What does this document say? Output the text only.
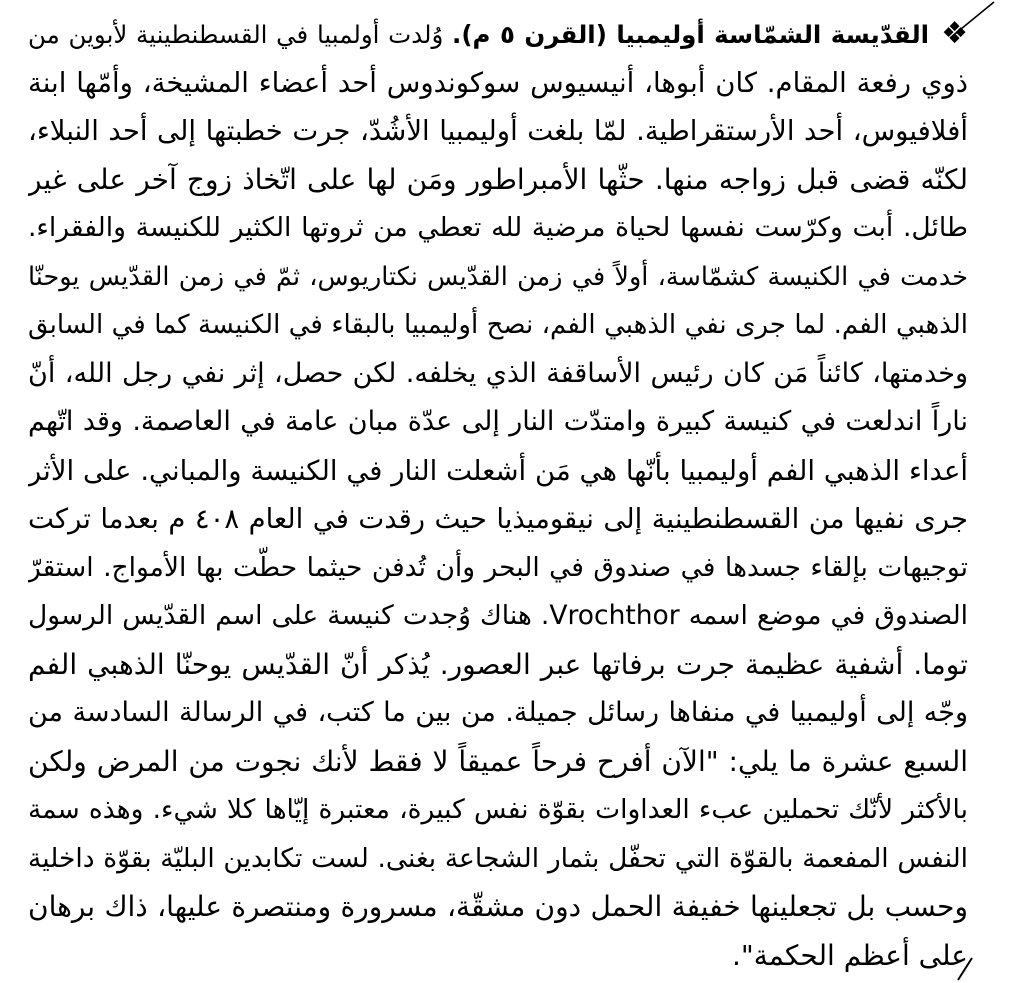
❖القدّيسة الشمّاسة أوليمبيا (القرن ٥ م). وُلدت أولمبيا في القسطنطينية لأبوين من
ذوي رفعة المقام. كان أبوها، أنيسيوس سوكوندوس أحد أعضاء المشيخة، وأمّها ابنة
أفلافيوس، أحد الأرستقراطية. لمّا بلغت أوليمبيا الأشُدّ، جرت خطبتها إلى أحد النبلاء،
لكنّه قضى قبل زواجه منها. حثّها الأمبراطور ومَن لها على اتّخاذ زوج آخر على غير
طائل. أبت وكرّست نفسها لحياة مرضية لله تعطي من ثروتها الكثير للكنيسة والفقراء.
خدمت في الكنيسة كشمّاسة، أولاً في زمن القدّيس نكتاريوس، ثمّ في زمن القدّيس يوحنّا
الذهبي الفم. لما جرى نفي الذهبي الفم، نصح أوليمبيا بالبقاء في الكنيسة كما في السابق
وخدمتها، كائناً مَن كان رئيس الأساقفة الذي يخلفه. لكن حصل، إثر نفي رجل الله، أنّ
ناراً اندلعت في كنيسة كبيرة وامتدّت النار إلى عدّة مبان عامة في العاصمة. وقد اتّهم
أعداء الذهبي الفم أوليمبيا بأنّها هي مَن أشعلت النار في الكنيسة والمباني. على الأثر
جرى نفيها من القسطنطينية إلى نيقوميذيا حيث رقدت في العام ٤٠٨ م بعدما تركت
توجيهات بإلقاء جسدها في صندوق في البحر وأن تُدفن حيثما حطّت بها الأمواج. استقرّ
الصندوق في موضع اسمه Vrochthor. هناك وُجدت كنيسة على اسم القدّيس الرسول
توما. أشفية عظيمة جرت برفاتها عبر العصور. يُذكر أنّ القدّيس يوحنّا الذهبي الفم
وجّه إلى أوليمبيا في منفاها رسائل جميلة. من بين ما كتب، في الرسالة السادسة من
السبع عشرة ما يلي: "الآن أفرح فرحاً عميقاً لا فقط لأنك نجوت من المرض ولكن
بالأكثر لأنّك تحملين عبء العداوات بقوّة نفس كبيرة، معتبرة إيّاها كلا شيء. وهذه سمة
النفس المفعمة بالقوّة التي تحفّل بثمار الشجاعة بغنى. لست تكابدين البليّة بقوّة داخلية
وحسب بل تجعلينها خفيفة الحمل دون مشقّة، مسرورة ومنتصرة عليها، ذاك برهان
على أعظم الحكمة".
